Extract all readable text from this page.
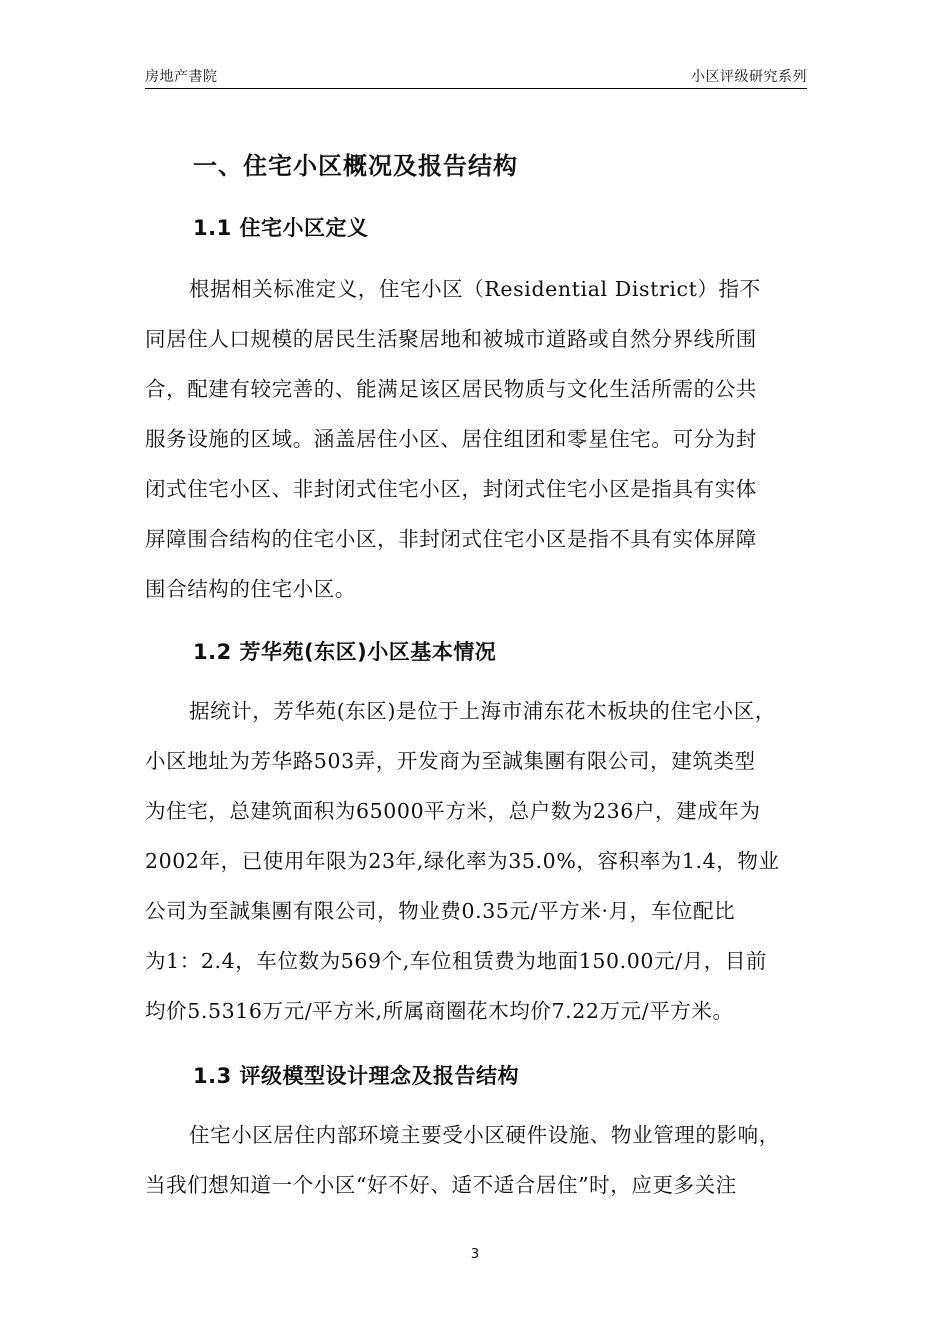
房地产書院	小区评级研究系列
一、住宅小区概况及报告结构
1.1 住宅小区定义
根据相关标准定义，住宅小区（Residential District）指不
同居住人口规模的居民生活聚居地和被城市道路或自然分界线所围
合，配建有较完善的、能满足该区居民物质与文化生活所需的公共
服务设施的区域。涵盖居住小区、居住组团和零星住宅。可分为封
闭式住宅小区、非封闭式住宅小区，封闭式住宅小区是指具有实体
屏障围合结构的住宅小区，非封闭式住宅小区是指不具有实体屏障
围合结构的住宅小区。
1.2 芳华苑(东区)小区基本情况
据统计，芳华苑(东区)是位于上海市浦东花木板块的住宅小区，
小区地址为芳华路503弄，开发商为至誠集團有限公司，建筑类型
为住宅，总建筑面积为65000平方米，总户数为236户，建成年为
2002年，已使用年限为23年,绿化率为35.0%，容积率为1.4，物业
公司为至誠集團有限公司，物业费0.35元/平方米·月，车位配比
为1：2.4，车位数为569个,车位租赁费为地面150.00元/月，目前
均价5.5316万元/平方米,所属商圈花木均价7.22万元/平方米。
1.3 评级模型设计理念及报告结构
住宅小区居住内部环境主要受小区硬件设施、物业管理的影响，
当我们想知道一个小区“好不好、适不适合居住”时，应更多关注
3
